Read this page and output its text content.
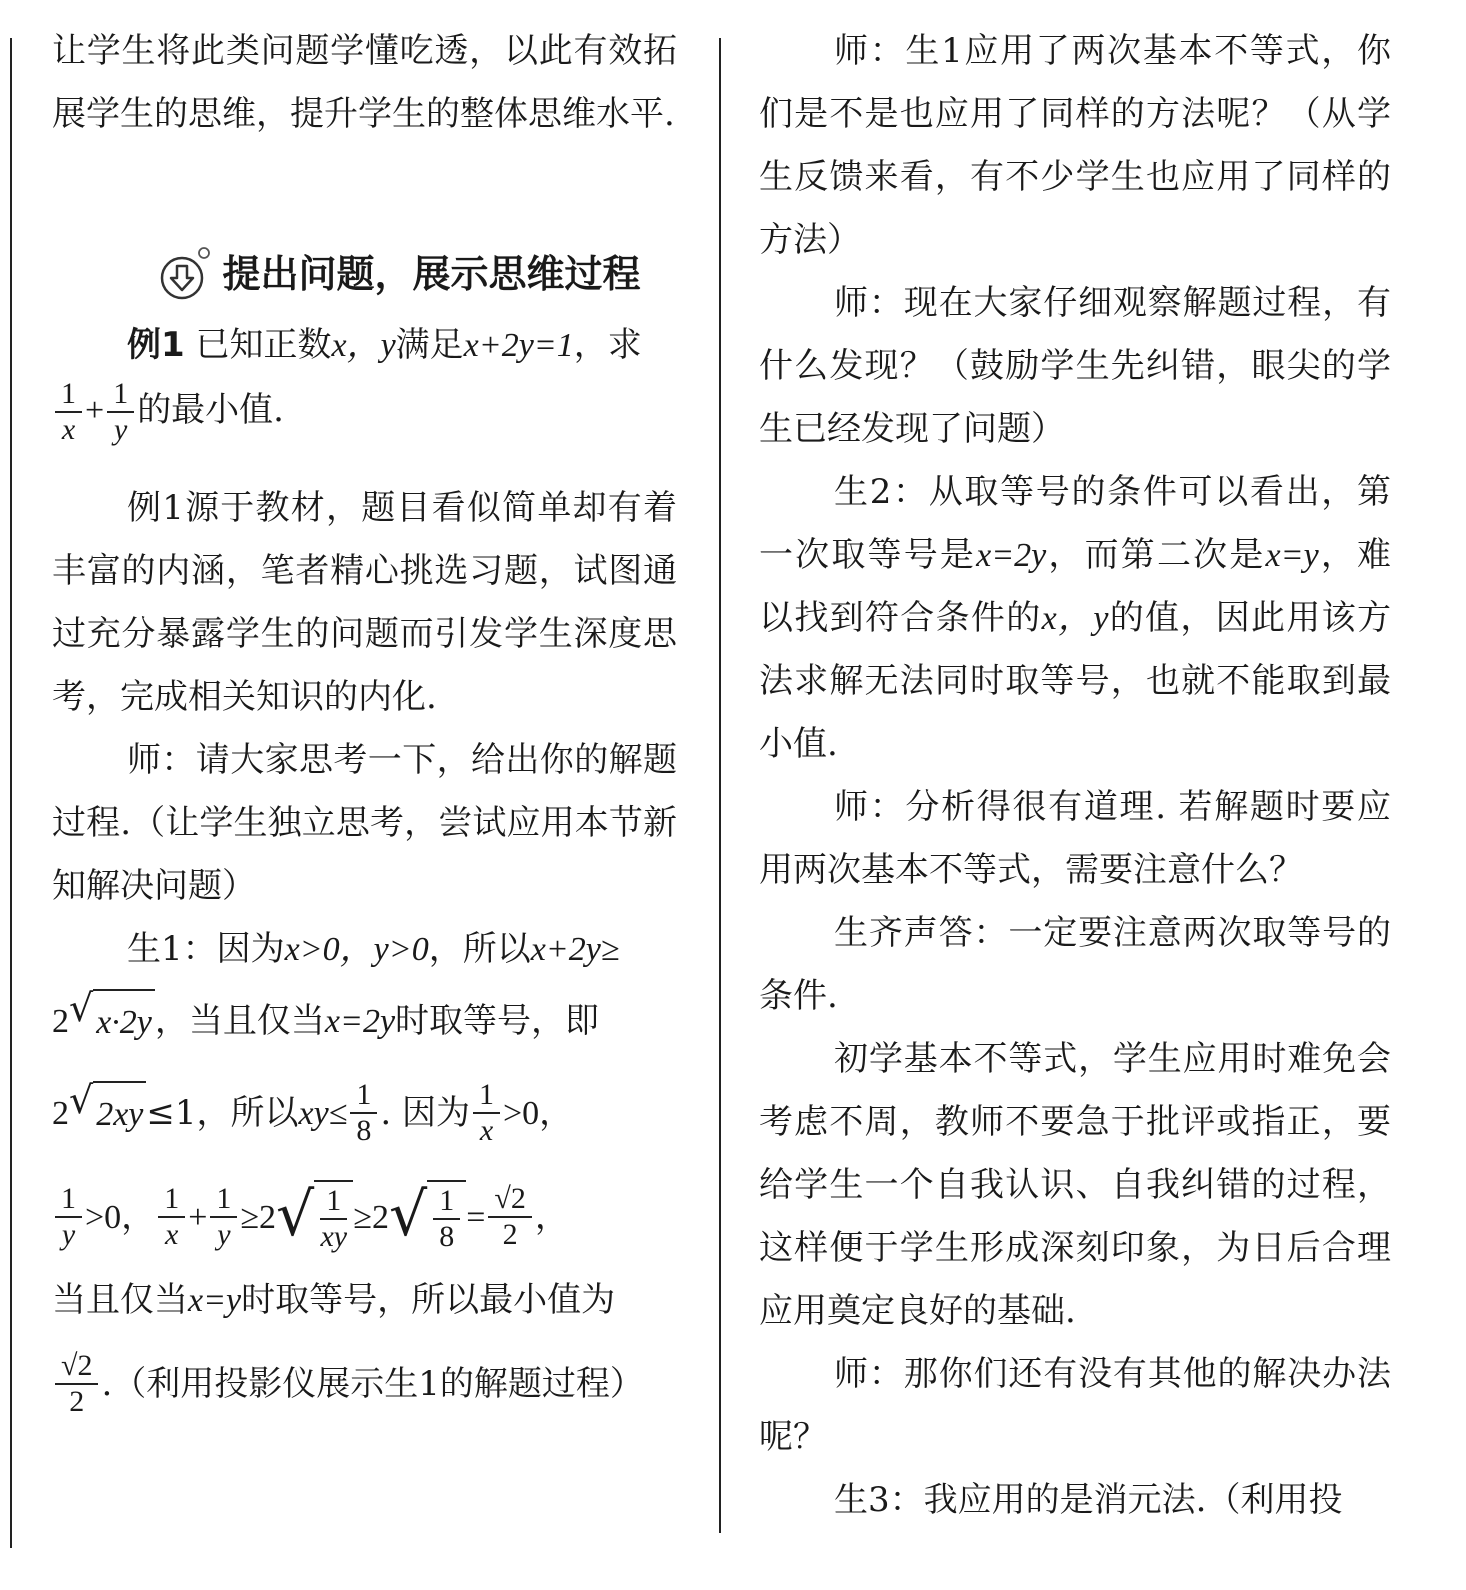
让学生将此类问题学懂吃透，以此有效拓展学生的思维，提升学生的整体思维水平.

提出问题，展示思维过程

例1 已知正数x，y满足x+2y=1，求

$\frac{1}{x} + \frac{1}{y}$ 的最小值.

例1源于教材，题目看似简单却有着丰富的内涵，笔者精心挑选习题，试图通过充分暴露学生的问题而引发学生深度思考，完成相关知识的内化.

师：请大家思考一下，给出你的解题过程.（让学生独立思考，尝试应用本节新知解决问题）

生1：因为x>0，y>0，所以x+2y≥

2 √ x·2y ，当且仅当 x=2y 时取等号，即
2 √ 2xy ≤1，所以 $xy\le \frac{1}{8}$ . 因为 $\frac{1}{x} >0$，
$\frac{1}{y} >0$， $\frac{1}{x} + \frac{1}{y} \ge 2$ √ $\frac{1}{xy} \ge 2$ √ $\frac{1}{8} = \frac{√2}{2}$ ，

当且仅当x=y时取等号，所以最小值为

$\frac{√2}{2}$ .（利用投影仪展示生1的解题过程）

师：生1应用了两次基本不等式，你们是不是也应用了同样的方法呢？（从学生反馈来看，有不少学生也应用了同样的方法）

师：现在大家仔细观察解题过程，有什么发现？（鼓励学生先纠错，眼尖的学生已经发现了问题）

生2：从取等号的条件可以看出，第一次取等号是x=2y，而第二次是x=y，难以找到符合条件的x，y的值，因此用该方法求解无法同时取等号，也就不能取到最小值.

师：分析得很有道理. 若解题时要应用两次基本不等式，需要注意什么？

生齐声答：一定要注意两次取等号的条件.

初学基本不等式，学生应用时难免会考虑不周，教师不要急于批评或指正，要给学生一个自我认识、自我纠错的过程，这样便于学生形成深刻印象，为日后合理应用奠定良好的基础.

师：那你们还有没有其他的解决办法呢？

生3：我应用的是消元法.（利用投
